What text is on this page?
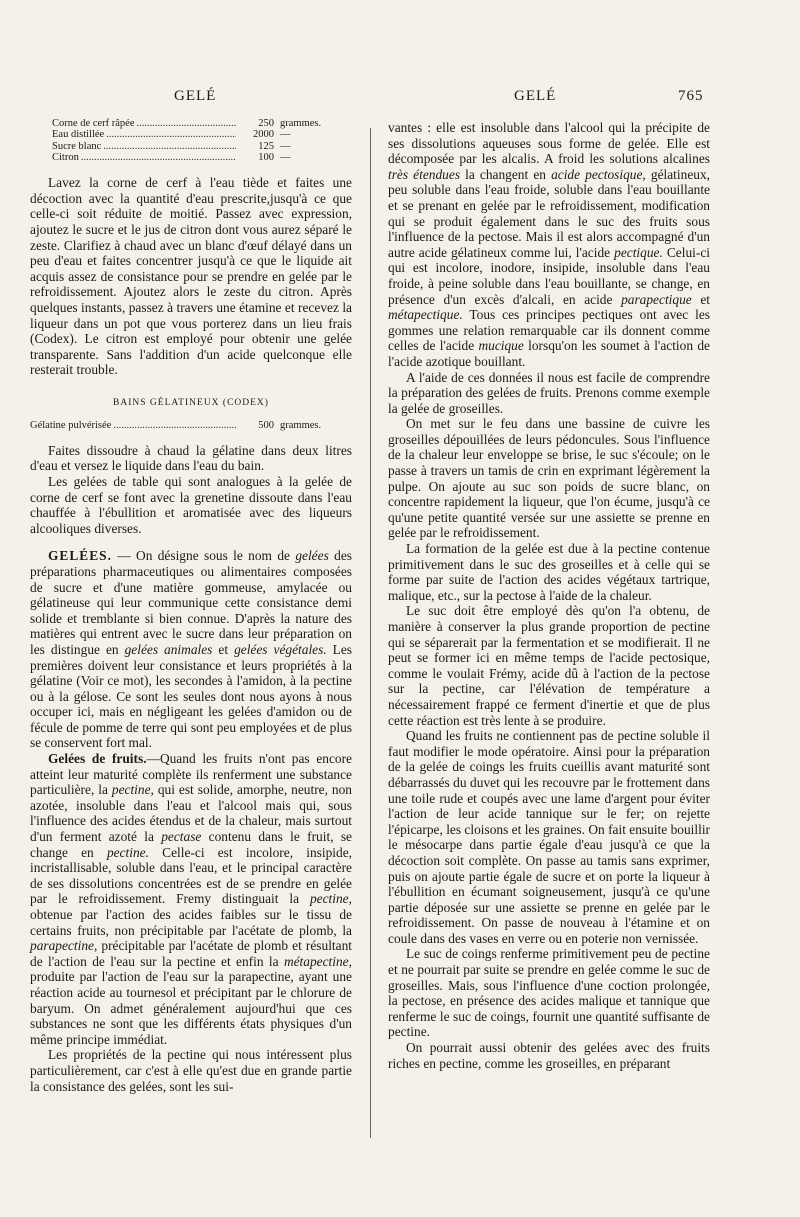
GELÉ	GELÉ	765
Corne de cerf râpée .....	250 grammes.
Eau distillée .....	2000 —
Sucre blanc .....	125 —
Citron .....	100 —

Lavez la corne de cerf à l'eau tiède et faites une décoction avec la quantité d'eau prescrite,jusqu'à ce que celle-ci soit réduite de moitié. Passez avec expression, ajoutez le sucre et le jus de citron dont vous aurez séparé le zeste. Clarifiez à chaud avec un blanc d'œuf délayé dans un peu d'eau et faites concentrer jusqu'à ce que le liquide ait acquis assez de consistance pour se prendre en gelée par le refroidissement. Ajoutez alors le zeste du citron. Après quelques instants, passez à travers une étamine et recevez la liqueur dans un pot que vous porterez dans un lieu frais (Codex). Le citron est employé pour obtenir une gelée transparente. Sans l'addition d'un acide quelconque elle resterait trouble.

BAINS GÉLATINEUX (CODEX)

Gélatine pulvérisée .....	500 grammes.

Faites dissoudre à chaud la gélatine dans deux litres d'eau et versez le liquide dans l'eau du bain.

Les gelées de table qui sont analogues à la gelée de corne de cerf se font avec la grenetine dissoute dans l'eau chauffée à l'ébullition et aromatisée avec des liqueurs alcooliques diverses.

GELÉES. — On désigne sous le nom de gelées des préparations pharmaceutiques ou alimentaires composées de sucre et d'une matière gommeuse, amylacée ou gélatineuse qui leur communique cette consistance demi solide et tremblante si bien connue. D'après la nature des matières qui entrent avec le sucre dans leur préparation on les distingue en gelées animales et gelées végétales. Les premières doivent leur consistance et leurs propriétés à la gélatine (Voir ce mot), les secondes à l'amidon, à la pectine ou à la gélose. Ce sont les seules dont nous ayons à nous occuper ici, mais en négligeant les gelées d'amidon ou de fécule de pomme de terre qui sont peu employées et de plus se conservent fort mal.

Gelées de fruits.—Quand les fruits n'ont pas encore atteint leur maturité complète ils renferment une substance particulière, la pectine, qui est solide, amorphe, neutre, non azotée, insoluble dans l'eau et l'alcool mais qui, sous l'influence des acides étendus et de la chaleur, mais surtout d'un ferment azoté la pectase contenu dans le fruit, se change en pectine. Celle-ci est incolore, insipide, incristallisable, soluble dans l'eau, et le principal caractère de ses dissolutions concentrées est de se prendre en gelée par le refroidissement. Fremy distinguait la pectine, obtenue par l'action des acides faibles sur le tissu de certains fruits, non précipitable par l'acétate de plomb, la parapectine, précipitable par l'acétate de plomb et résultant de l'action de l'eau sur la pectine et enfin la métapectine, produite par l'action de l'eau sur la parapectine, ayant une réaction acide au tournesol et précipitant par le chlorure de baryum. On admet généralement aujourd'hui que ces substances ne sont que les différents états physiques d'un même principe immédiat.

Les propriétés de la pectine qui nous intéressent plus particulièrement, car c'est à elle qu'est due en grande partie la consistance des gelées, sont les sui-

vantes : elle est insoluble dans l'alcool qui la précipite de ses dissolutions aqueuses sous forme de gelée. Elle est décomposée par les alcalis. A froid les solutions alcalines très étendues la changent en acide pectosique, gélatineux, peu soluble dans l'eau froide, soluble dans l'eau bouillante et se prenant en gelée par le refroidissement, modification qui se produit également dans le suc des fruits sous l'influence de la pectose. Mais il est alors accompagné d'un autre acide gélatineux comme lui, l'acide pectique. Celui-ci qui est incolore, inodore, insipide, insoluble dans l'eau froide, à peine soluble dans l'eau bouillante, se change, en présence d'un excès d'alcali, en acide parapectique et métapectique. Tous ces principes pectiques ont avec les gommes une relation remarquable car ils donnent comme celles de l'acide mucique lorsqu'on les soumet à l'action de l'acide azotique bouillant.

A l'aide de ces données il nous est facile de comprendre la préparation des gelées de fruits. Prenons comme exemple la gelée de groseilles.

On met sur le feu dans une bassine de cuivre les groseilles dépouillées de leurs pédoncules. Sous l'influence de la chaleur leur enveloppe se brise, le suc s'écoule; on le passe à travers un tamis de crin en exprimant légèrement la pulpe. On ajoute au suc son poids de sucre blanc, on concentre rapidement la liqueur, que l'on écume, jusqu'à ce qu'une petite quantité versée sur une assiette se prenne en gelée par le refroidissement.

La formation de la gelée est due à la pectine contenue primitivement dans le suc des groseilles et à celle qui se forme par suite de l'action des acides végétaux tartrique, malique, etc., sur la pectose à l'aide de la chaleur.

Le suc doit être employé dès qu'on l'a obtenu, de manière à conserver la plus grande proportion de pectine qui se séparerait par la fermentation et se modifierait. Il ne peut se former ici en même temps de l'acide pectosique, comme le voulait Frémy, acide dû à l'action de la pectose sur la pectine, car l'élévation de température a nécessairement frappé ce ferment d'inertie et que de plus cette réaction est très lente à se produire.

Quand les fruits ne contiennent pas de pectine soluble il faut modifier le mode opératoire. Ainsi pour la préparation de la gelée de coings les fruits cueillis avant maturité sont débarrassés du duvet qui les recouvre par le frottement dans une toile rude et coupés avec une lame d'argent pour éviter l'action de leur acide tannique sur le fer; on rejette l'épicarpe, les cloisons et les graines. On fait ensuite bouillir le mésocarpe dans partie égale d'eau jusqu'à ce que la décoction soit complète. On passe au tamis sans exprimer, puis on ajoute partie égale de sucre et on porte la liqueur à l'ébullition en écumant soigneusement, jusqu'à ce qu'une partie déposée sur une assiette se prenne en gelée par le refroidissement. On passe de nouveau à l'étamine et on coule dans des vases en verre ou en poterie non vernissée.

Le suc de coings renferme primitivement peu de pectine et ne pourrait par suite se prendre en gelée comme le suc de groseilles. Mais, sous l'influence d'une coction prolongée, la pectose, en présence des acides malique et tannique que renferme le suc de coings, fournit une quantité suffisante de pectine.

On pourrait aussi obtenir des gelées avec des fruits riches en pectine, comme les groseilles, en préparant
